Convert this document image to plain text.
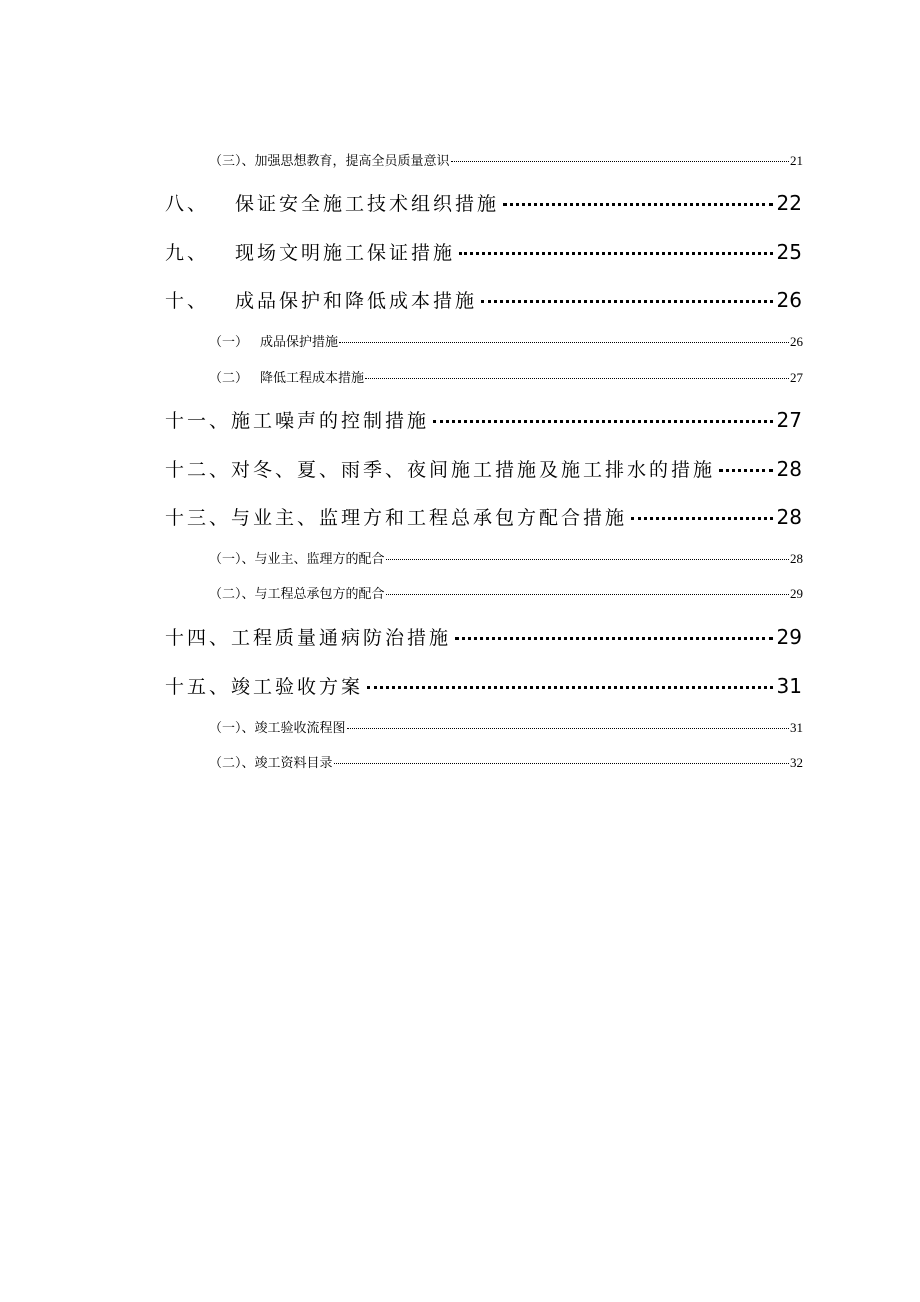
（三）、 加强思想教育，提高全员质量意识	21
八、	保证安全施工技术组织措施	22
九、	现场文明施工保证措施	25
十、	成品保护和降低成本措施	26
（一） 成品保护措施	26
（二） 降低工程成本措施	27
十一、 施工噪声的控制措施	27
十二、 对冬、夏、雨季、夜间施工措施及施工排水的措施	28
十三、 与业主、监理方和工程总承包方配合措施	28
（一）、 与业主、监理方的配合	28
（二）、 与工程总承包方的配合	29
十四、 工程质量通病防治措施	29
十五、 竣工验收方案	31
（一）、 竣工验收流程图	31
（二）、 竣工资料目录	32
